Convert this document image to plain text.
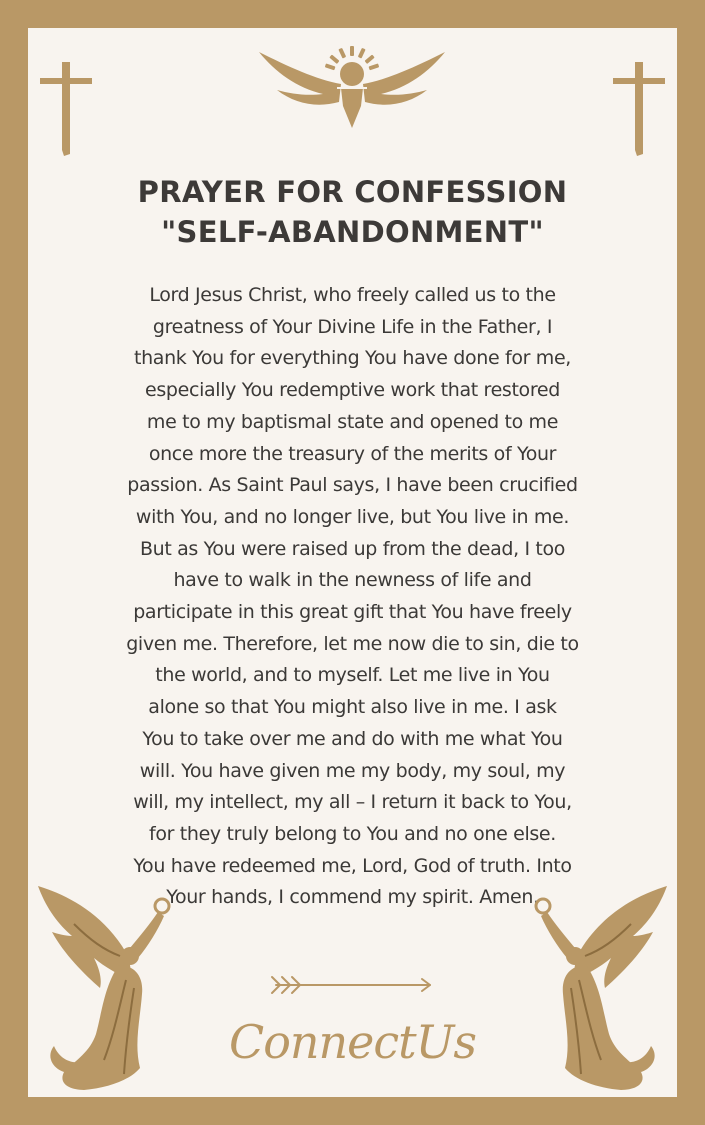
PRAYER FOR CONFESSION
"SELF-ABANDONMENT"
Lord Jesus Christ, who freely called us to the
greatness of Your Divine Life in the Father, I
thank You for everything You have done for me,
especially You redemptive work that restored
me to my baptismal state and opened to me
once more the treasury of the merits of Your
passion. As Saint Paul says, I have been crucified
with You, and no longer live, but You live in me.
But as You were raised up from the dead, I too
have to walk in the newness of life and
participate in this great gift that You have freely
given me. Therefore, let me now die to sin, die to
the world, and to myself. Let me live in You
alone so that You might also live in me. I ask
You to take over me and do with me what You
will. You have given me my body, my soul, my
will, my intellect, my all – I return it back to You,
for they truly belong to You and no one else.
You have redeemed me, Lord, God of truth. Into
Your hands, I commend my spirit. Amen.
ConnectUs
